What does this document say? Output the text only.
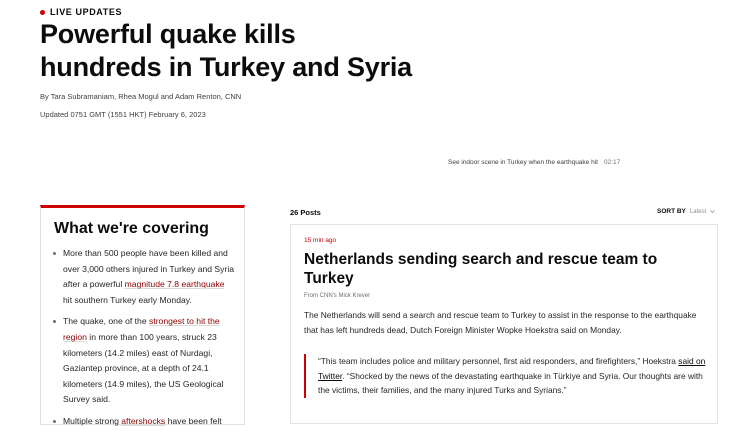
LIVE UPDATES
Powerful quake kills
hundreds in Turkey and Syria
By Tara Subramaniam, Rhea Mogul and Adam Renton, CNN
Updated 0751 GMT (1551 HKT) February 6, 2023
See indoor scene in Turkey when the earthquake hit 02:17
What we're covering
More than 500 people have been killed and over 3,000 others injured in Turkey and Syria after a powerful magnitude 7.8 earthquake hit southern Turkey early Monday.
The quake, one of the strongest to hit the region in more than 100 years, struck 23 kilometers (14.2 miles) east of Nurdagi, Gaziantep province, at a depth of 24.1 kilometers (14.9 miles), the US Geological Survey said.
Multiple strong aftershocks have been felt
26 Posts	SORT BY Latest
15 min ago
Netherlands sending search and rescue team to Turkey
From CNN's Mick Krever

The Netherlands will send a search and rescue team to Turkey to assist in the response to the earthquake that has left hundreds dead, Dutch Foreign Minister Wopke Hoekstra said on Monday.

“This team includes police and military personnel, first aid responders, and firefighters,” Hoekstra said on Twitter. “Shocked by the news of the devastating earthquake in Türkiye and Syria. Our thoughts are with the victims, their families, and the many injured Turks and Syrians.”
